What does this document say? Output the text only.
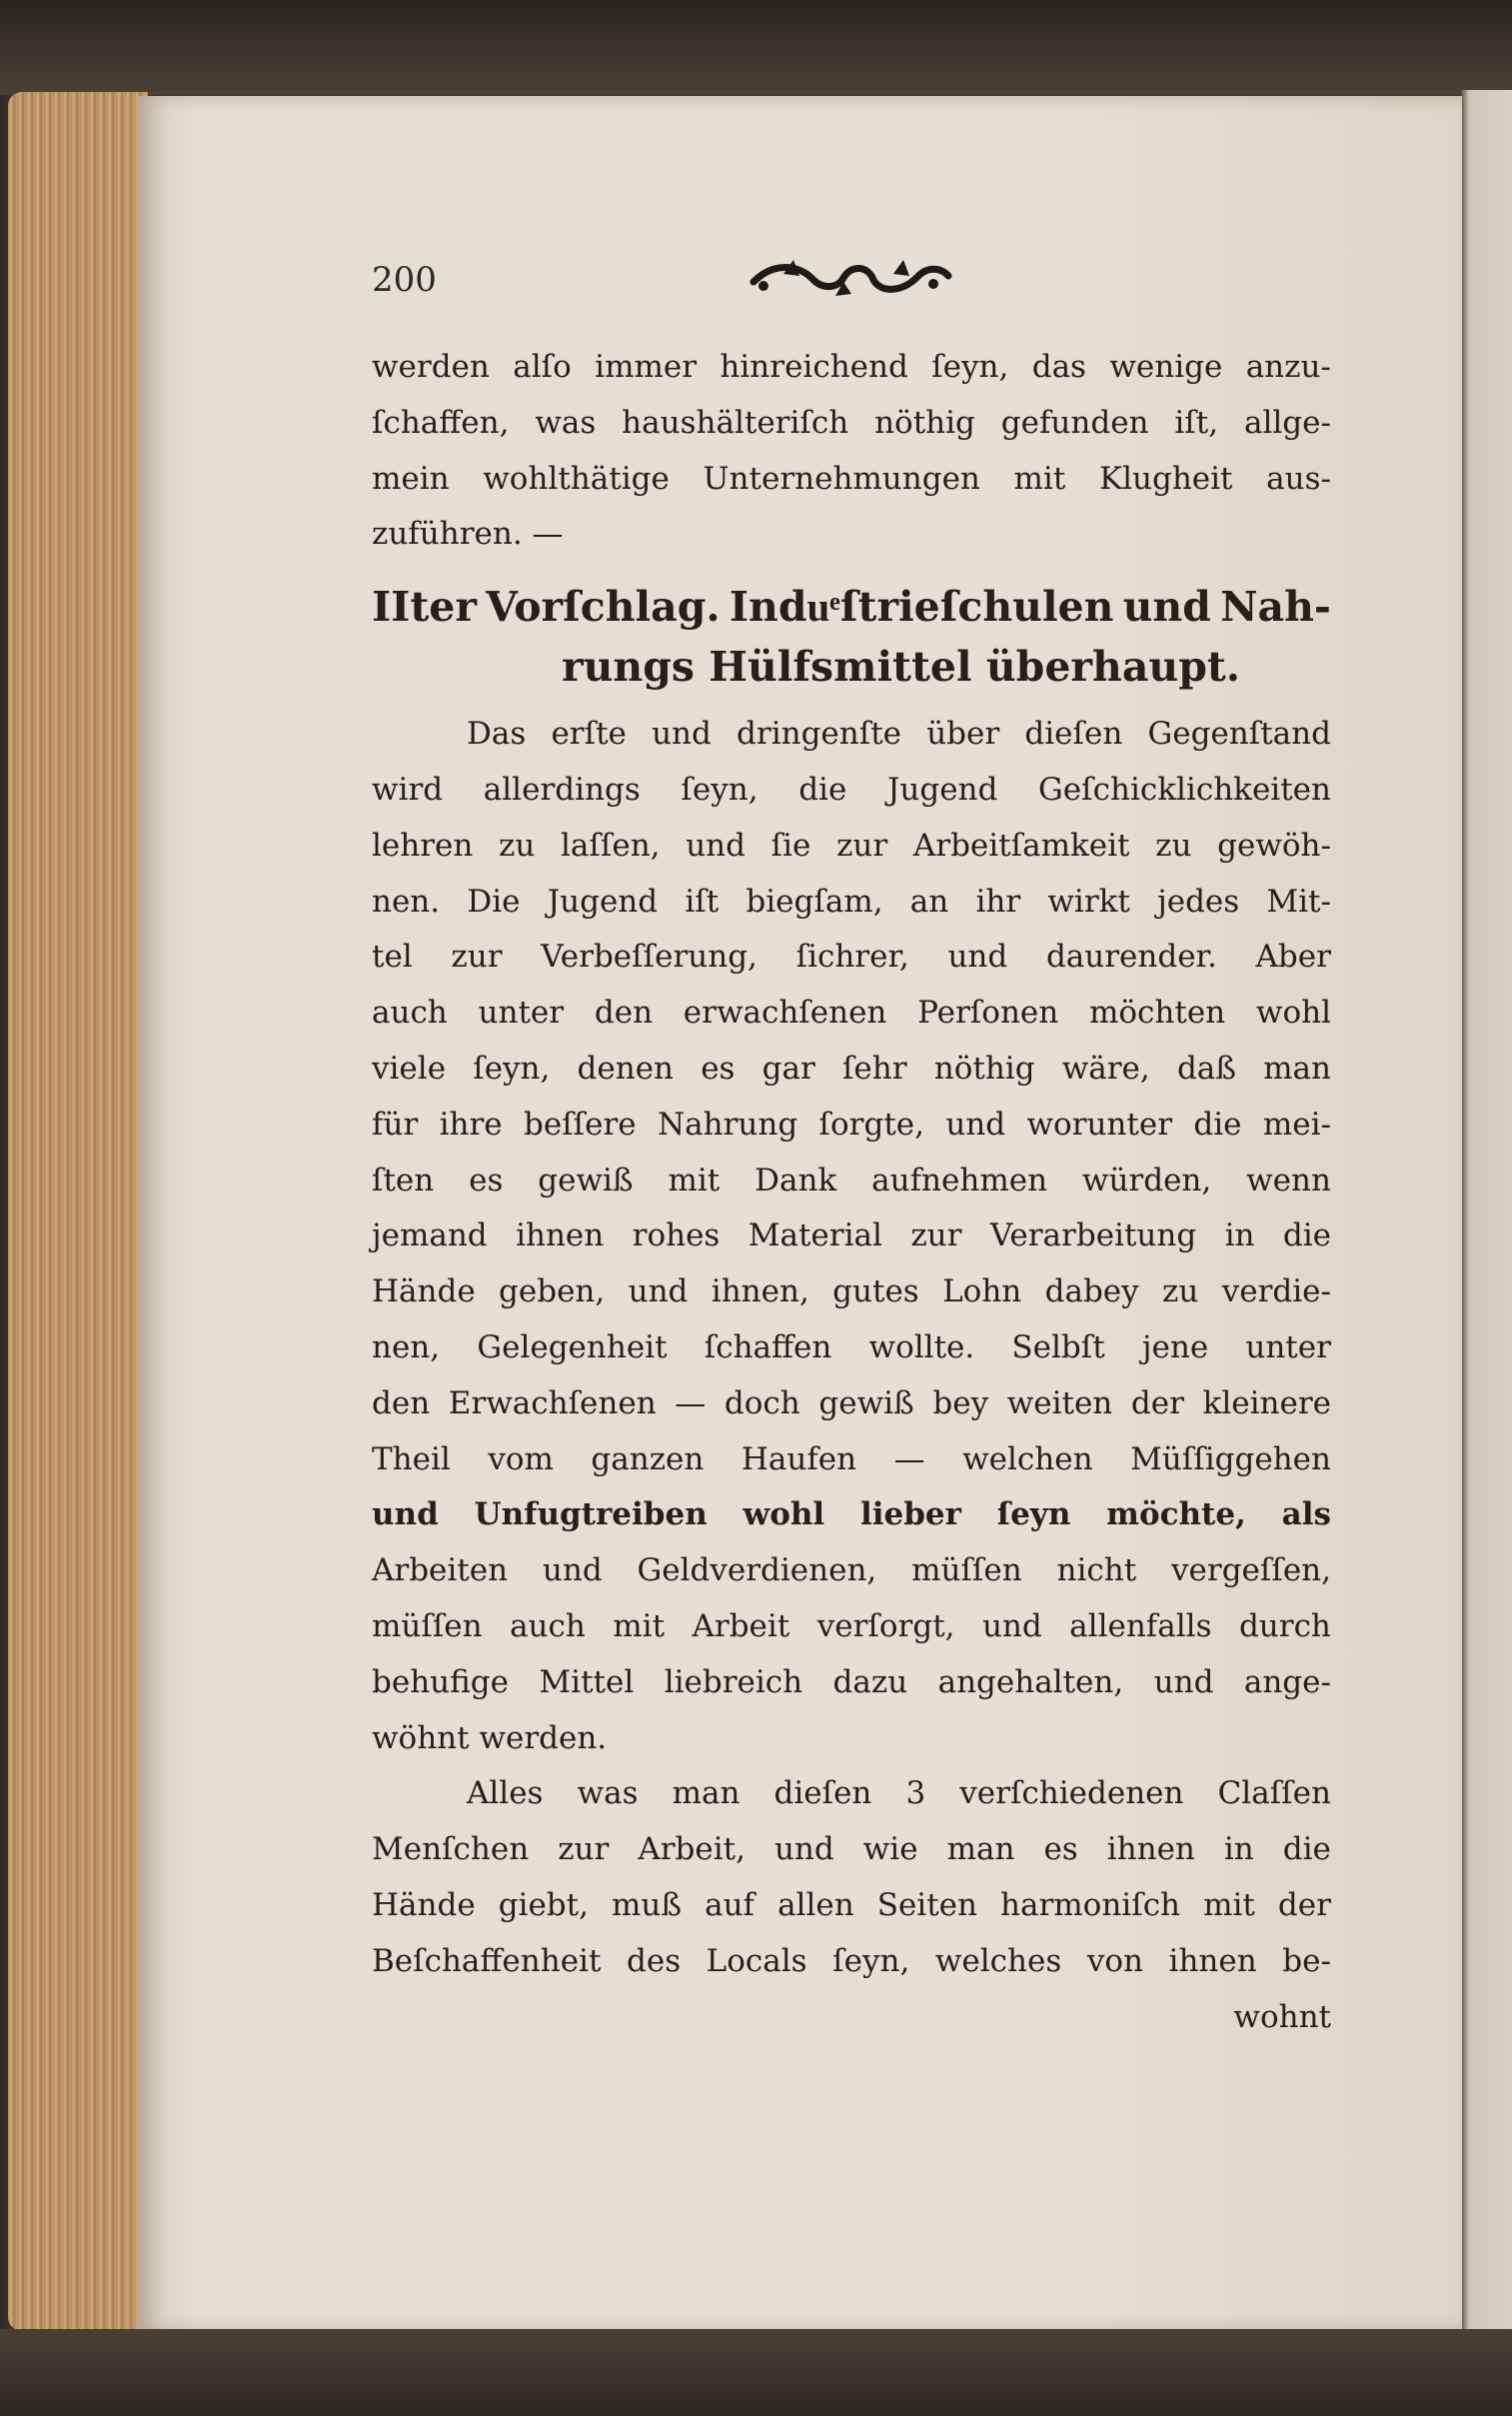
200
werden alſo immer hinreichend ſeyn, das wenige anzu-
ſchaffen, was haushälteriſch nöthig gefunden iſt, allge-
mein wohlthätige Unternehmungen mit Klugheit aus-
zuführen. —
IIter Vorſchlag. Induͤſtrieſchulen und Nah-
rungs Hülfsmittel überhaupt.
Das erſte und dringenſte über dieſen Gegenſtand
wird allerdings ſeyn, die Jugend Geſchicklichkeiten
lehren zu laſſen, und ſie zur Arbeitſamkeit zu gewöh-
nen. Die Jugend iſt biegſam, an ihr wirkt jedes Mit-
tel zur Verbeſſerung, ſichrer, und daurender. Aber
auch unter den erwachſenen Perſonen möchten wohl
viele ſeyn, denen es gar ſehr nöthig wäre, daß man
für ihre beſſere Nahrung ſorgte, und worunter die mei-
ſten es gewiß mit Dank aufnehmen würden, wenn
jemand ihnen rohes Material zur Verarbeitung in die
Hände geben, und ihnen, gutes Lohn dabey zu verdie-
nen, Gelegenheit ſchaffen wollte. Selbſt jene unter
den Erwachſenen — doch gewiß bey weiten der kleinere
Theil vom ganzen Haufen — welchen Müſſiggehen
und Unfugtreiben wohl lieber ſeyn möchte, als
Arbeiten und Geldverdienen, müſſen nicht vergeſſen,
müſſen auch mit Arbeit verſorgt, und allenfalls durch
behufige Mittel liebreich dazu angehalten, und ange-
wöhnt werden.
Alles was man dieſen 3 verſchiedenen Claſſen
Menſchen zur Arbeit, und wie man es ihnen in die
Hände giebt, muß auf allen Seiten harmoniſch mit der
Beſchaffenheit des Locals ſeyn, welches von ihnen be-
wohnt
